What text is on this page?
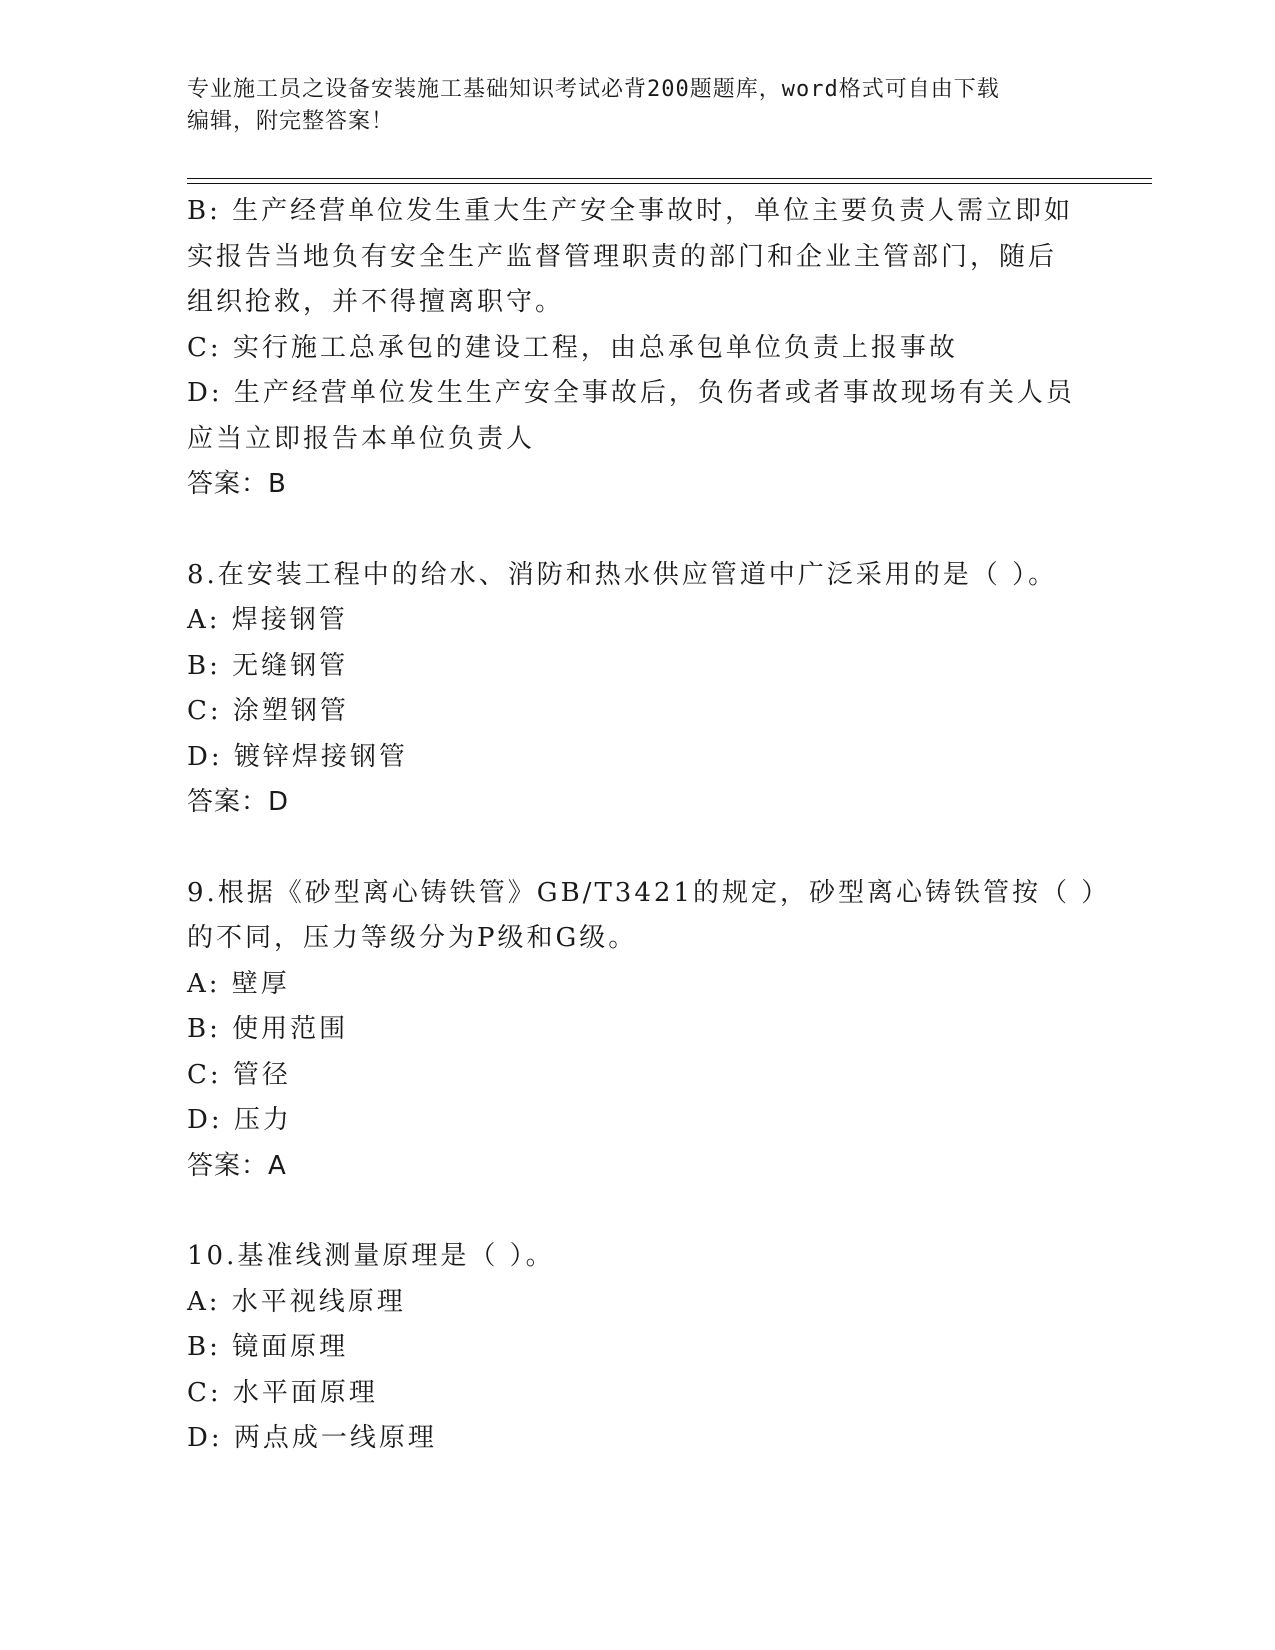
专业施工员之设备安装施工基础知识考试必背200题题库，word格式可自由下载
编辑，附完整答案！
B: 生产经营单位发生重大生产安全事故时，单位主要负责人需立即如
实报告当地负有安全生产监督管理职责的部门和企业主管部门，随后
组织抢救，并不得擅离职守。
C: 实行施工总承包的建设工程，由总承包单位负责上报事故
D: 生产经营单位发生生产安全事故后，负伤者或者事故现场有关人员
应当立即报告本单位负责人
答案：B
8.在安装工程中的给水、消防和热水供应管道中广泛采用的是（ ）。
A: 焊接钢管
B: 无缝钢管
C: 涂塑钢管
D: 镀锌焊接钢管
答案：D
9.根据《砂型离心铸铁管》GB/T3421的规定，砂型离心铸铁管按（ ）
的不同，压力等级分为P级和G级。
A: 壁厚
B: 使用范围
C: 管径
D: 压力
答案：A
10.基准线测量原理是（ ）。
A: 水平视线原理
B: 镜面原理
C: 水平面原理
D: 两点成一线原理
